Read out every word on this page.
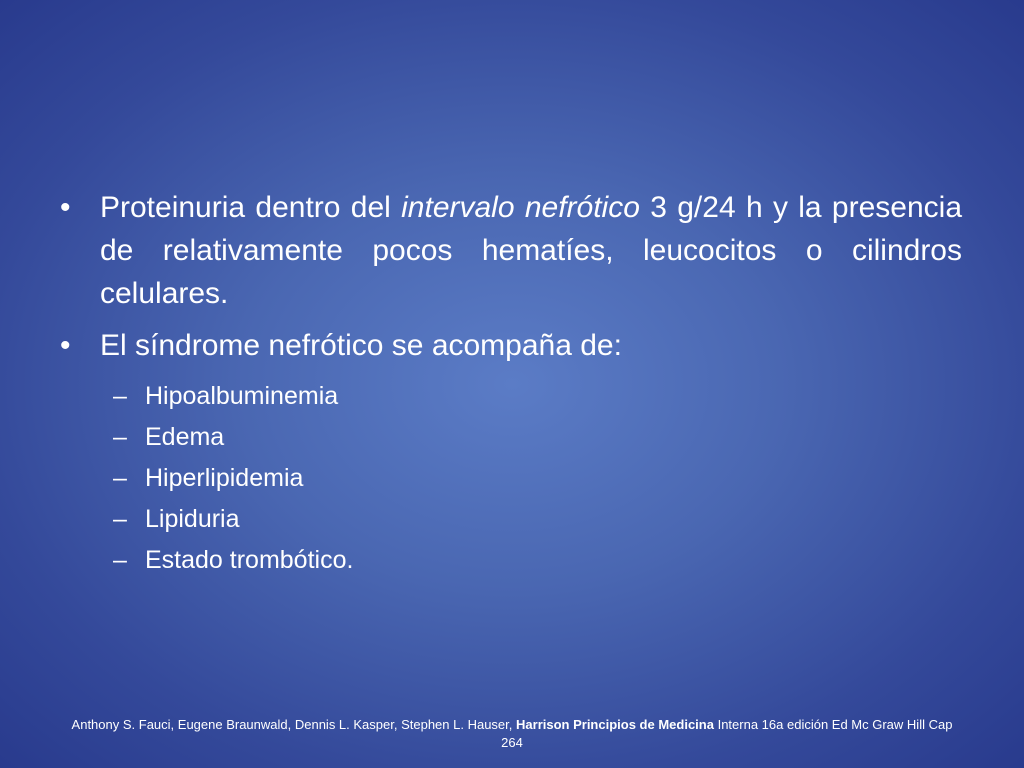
• Proteinuria dentro del intervalo nefrótico 3 g/24 h y la presencia de relativamente pocos hematíes, leucocitos o cilindros celulares.
• El síndrome nefrótico se acompaña de:
– Hipoalbuminemia
– Edema
– Hiperlipidemia
– Lipiduria
– Estado trombótico.
Anthony S. Fauci, Eugene Braunwald, Dennis L. Kasper, Stephen L. Hauser, Harrison Principios de Medicina Interna 16a edición Ed Mc Graw Hill Cap 264
